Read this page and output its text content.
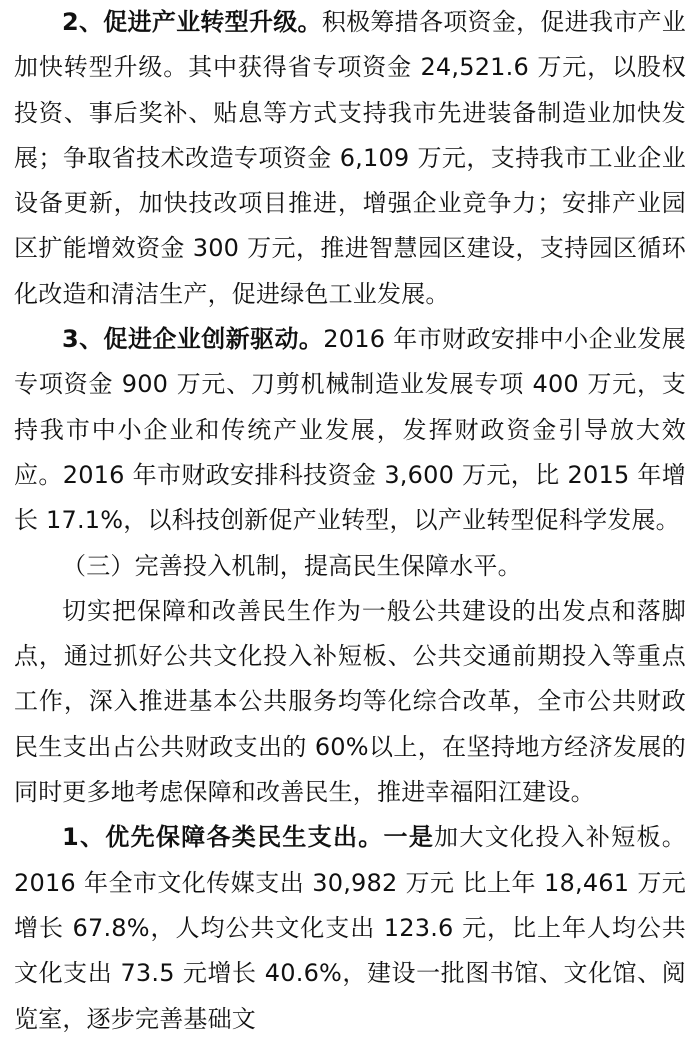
2、促进产业转型升级。积极筹措各项资金，促进我市产业加快转型升级。其中获得省专项资金 24,521.6 万元，以股权投资、事后奖补、贴息等方式支持我市先进装备制造业加快发展；争取省技术改造专项资金 6,109 万元，支持我市工业企业设备更新，加快技改项目推进，增强企业竞争力；安排产业园区扩能增效资金 300 万元，推进智慧园区建设，支持园区循环化改造和清洁生产，促进绿色工业发展。

3、促进企业创新驱动。2016 年市财政安排中小企业发展专项资金 900 万元、刀剪机械制造业发展专项 400 万元，支持我市中小企业和传统产业发展，发挥财政资金引导放大效应。2016 年市财政安排科技资金 3,600 万元，比 2015 年增长 17.1%，以科技创新促产业转型，以产业转型促科学发展。

（三）完善投入机制，提高民生保障水平。

切实把保障和改善民生作为一般公共建设的出发点和落脚点，通过抓好公共文化投入补短板、公共交通前期投入等重点工作，深入推进基本公共服务均等化综合改革，全市公共财政民生支出占公共财政支出的 60%以上，在坚持地方经济发展的同时更多地考虑保障和改善民生，推进幸福阳江建设。

1、优先保障各类民生支出。一是加大文化投入补短板。2016 年全市文化传媒支出 30,982 万元 比上年 18,461 万元增长 67.8%，人均公共文化支出 123.6 元，比上年人均公共文化支出 73.5 元增长 40.6%，建设一批图书馆、文化馆、阅览室，逐步完善基础文
